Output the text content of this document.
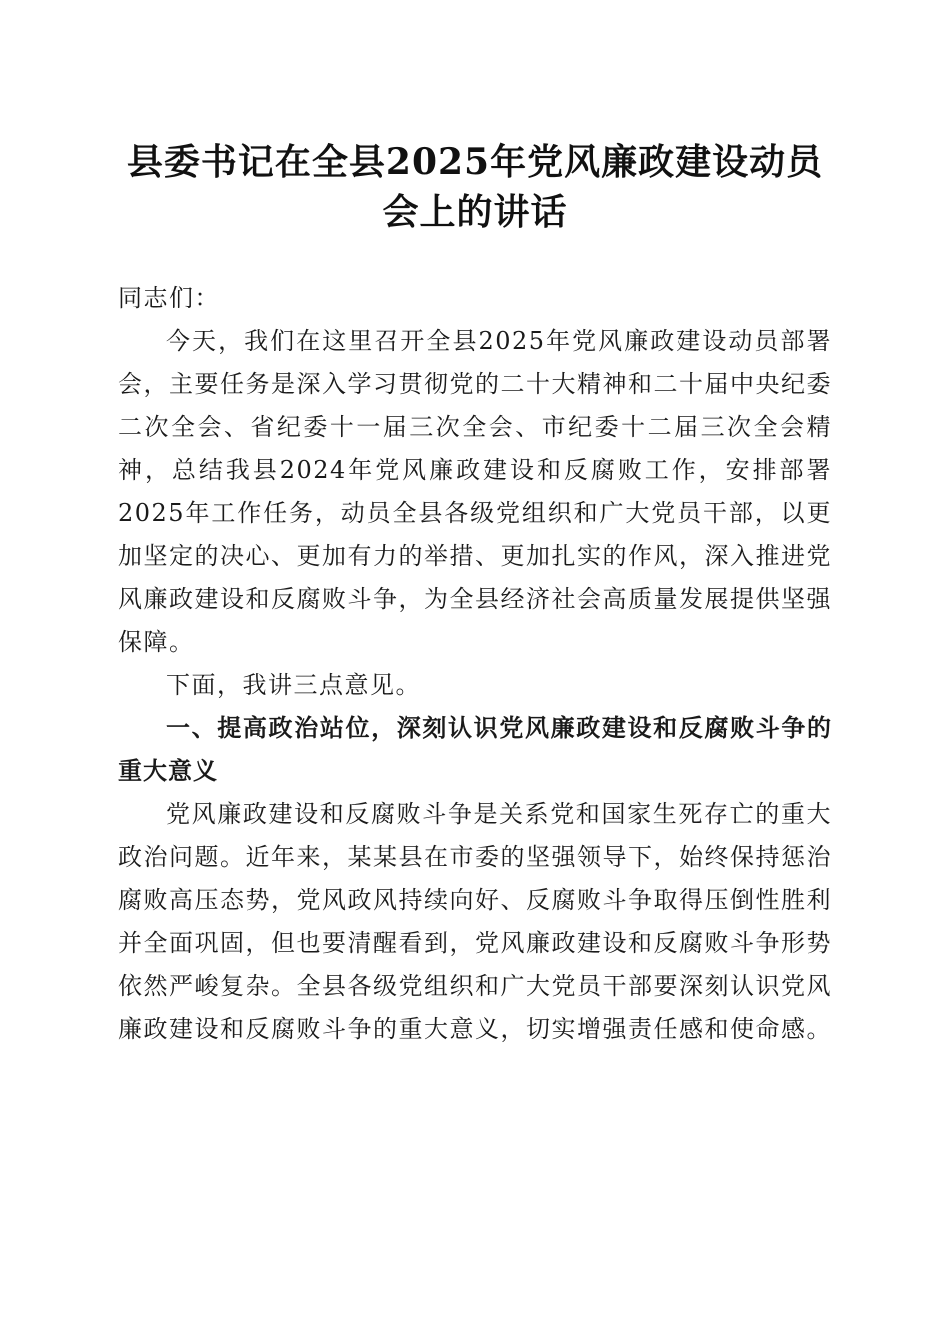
县委书记在全县2025年党风廉政建设动员会上的讲话

同志们：

今天，我们在这里召开全县2025年党风廉政建设动员部署会，主要任务是深入学习贯彻党的二十大精神和二十届中央纪委二次全会、省纪委十一届三次全会、市纪委十二届三次全会精神，总结我县2024年党风廉政建设和反腐败工作，安排部署2025年工作任务，动员全县各级党组织和广大党员干部，以更加坚定的决心、更加有力的举措、更加扎实的作风，深入推进党风廉政建设和反腐败斗争，为全县经济社会高质量发展提供坚强保障。

下面，我讲三点意见。

一、提高政治站位，深刻认识党风廉政建设和反腐败斗争的重大意义

党风廉政建设和反腐败斗争是关系党和国家生死存亡的重大政治问题。近年来，某某县在市委的坚强领导下，始终保持惩治腐败高压态势，党风政风持续向好、反腐败斗争取得压倒性胜利并全面巩固，但也要清醒看到，党风廉政建设和反腐败斗争形势依然严峻复杂。全县各级党组织和广大党员干部要深刻认识党风廉政建设和反腐败斗争的重大意义，切实增强责任感和使命感。
